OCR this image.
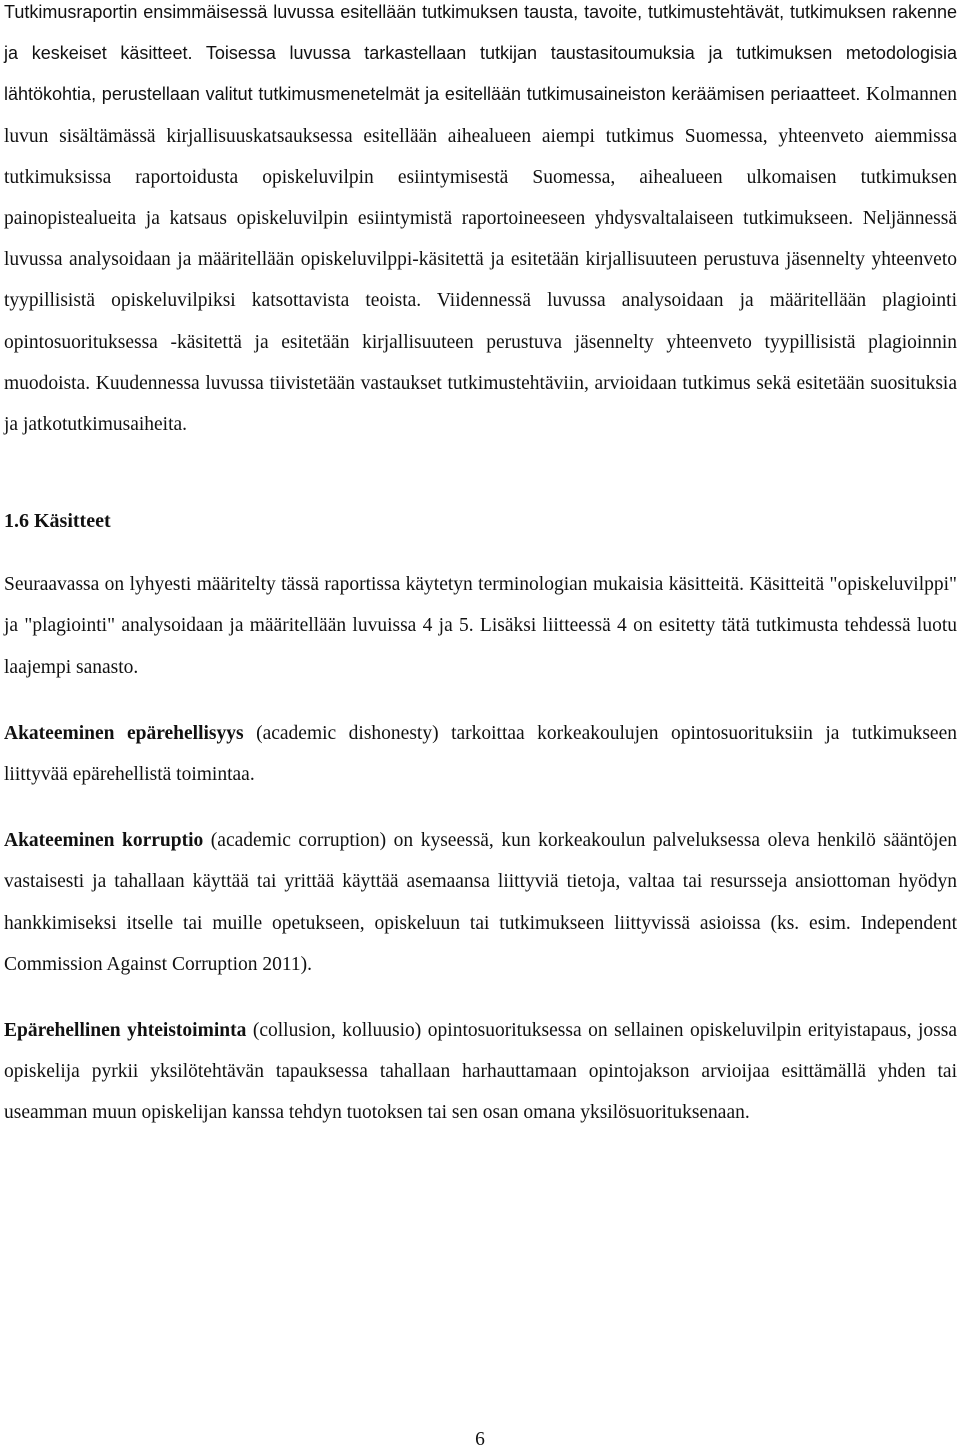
Tutkimusraportin ensimmäisessä luvussa esitellään tutkimuksen tausta, tavoite, tutkimustehtävät, tutkimuksen rakenne ja keskeiset käsitteet. Toisessa luvussa tarkastellaan tutkijan taustasitoumuksia ja tutkimuksen metodologisia lähtökohtia, perustellaan valitut tutkimusmenetelmät ja esitellään tutkimusaineiston keräämisen periaatteet. Kolmannen luvun sisältämässä kirjallisuuskatsauksessa esitellään aihealueen aiempi tutkimus Suomessa, yhteenveto aiemmissa tutkimuksissa raportoidusta opiskeluvilpin esiintymisestä Suomessa, aihealueen ulkomaisen tutkimuksen painopistealueita ja katsaus opiskeluvilpin esiintymistä raportoineeseen yhdysvaltalaiseen tutkimukseen. Neljännessä luvussa analysoidaan ja määritellään opiskeluvilppi-käsitettä ja esitetään kirjallisuuteen perustuva jäsennelty yhteenveto tyypillisistä opiskeluvilpiksi katsottavista teoista. Viidennessä luvussa analysoidaan ja määritellään plagiointi opintosuorituksessa -käsitettä ja esitetään kirjallisuuteen perustuva jäsennelty yhteenveto tyypillisistä plagioinnin muodoista. Kuudennessa luvussa tiivistetään vastaukset tutkimustehtäviin, arvioidaan tutkimus sekä esitetään suosituksia ja jatkotutkimusaiheita.

1.6 Käsitteet

Seuraavassa on lyhyesti määritelty tässä raportissa käytetyn terminologian mukaisia käsitteitä. Käsitteitä "opiskeluvilppi" ja "plagiointi" analysoidaan ja määritellään luvuissa 4 ja 5. Lisäksi liitteessä 4 on esitetty tätä tutkimusta tehdessä luotu laajempi sanasto.

Akateeminen epärehellisyys (academic dishonesty) tarkoittaa korkeakoulujen opintosuorituksiin ja tutkimukseen liittyvää epärehellistä toimintaa.

Akateeminen korruptio (academic corruption) on kyseessä, kun korkeakoulun palveluksessa oleva henkilö sääntöjen vastaisesti ja tahallaan käyttää tai yrittää käyttää asemaansa liittyviä tietoja, valtaa tai resursseja ansiottoman hyödyn hankkimiseksi itselle tai muille opetukseen, opiskeluun tai tutkimukseen liittyvissä asioissa (ks. esim. Independent Commission Against Corruption 2011).

Epärehellinen yhteistoiminta (collusion, kolluusio) opintosuorituksessa on sellainen opiskeluvilpin erityistapaus, jossa opiskelija pyrkii yksilötehtävän tapauksessa tahallaan harhauttamaan opintojakson arvioijaa esittämällä yhden tai useamman muun opiskelijan kanssa tehdyn tuotoksen tai sen osan omana yksilösuorituksenaan.

6
